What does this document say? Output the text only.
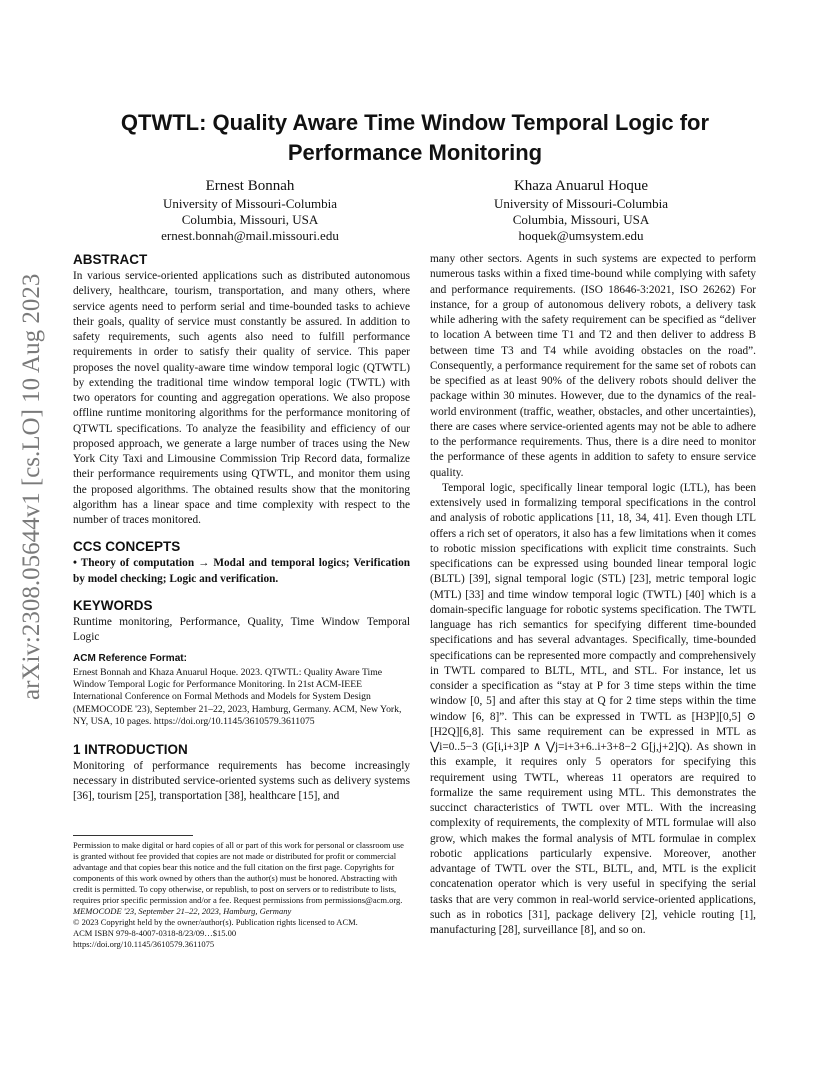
QTWTL: Quality Aware Time Window Temporal Logic for Performance Monitoring
arXiv:2308.05644v1 [cs.LO] 10 Aug 2023
Ernest Bonnah
University of Missouri-Columbia
Columbia, Missouri, USA
ernest.bonnah@mail.missouri.edu
Khaza Anuarul Hoque
University of Missouri-Columbia
Columbia, Missouri, USA
hoquek@umsystem.edu
ABSTRACT

In various service-oriented applications such as distributed autonomous delivery, healthcare, tourism, transportation, and many others, where service agents need to perform serial and time-bounded tasks to achieve their goals, quality of service must constantly be assured. In addition to safety requirements, such agents also need to fulfill performance requirements in order to satisfy their quality of service. This paper proposes the novel quality-aware time window temporal logic (QTWTL) by extending the traditional time window temporal logic (TWTL) with two operators for counting and aggregation operations. We also propose offline runtime monitoring algorithms for the performance monitoring of QTWTL specifications. To analyze the feasibility and efficiency of our proposed approach, we generate a large number of traces using the New York City Taxi and Limousine Commission Trip Record data, formalize their performance requirements using QTWTL, and monitor them using the proposed algorithms. The obtained results show that the monitoring algorithm has a linear space and time complexity with respect to the number of traces monitored.

CCS CONCEPTS

• Theory of computation → Modal and temporal logics; Verification by model checking; Logic and verification.

KEYWORDS

Runtime monitoring, Performance, Quality, Time Window Temporal Logic

ACM Reference Format:

Ernest Bonnah and Khaza Anuarul Hoque. 2023. QTWTL: Quality Aware Time Window Temporal Logic for Performance Monitoring. In 21st ACM-IEEE International Conference on Formal Methods and Models for System Design (MEMOCODE '23), September 21–22, 2023, Hamburg, Germany. ACM, New York, NY, USA, 10 pages. https://doi.org/10.1145/3610579.3611075

1 INTRODUCTION

Monitoring of performance requirements has become increasingly necessary in distributed service-oriented systems such as delivery systems [36], tourism [25], transportation [38], healthcare [15], and

Permission to make digital or hard copies of all or part of this work for personal or classroom use is granted without fee provided that copies are not made or distributed for profit or commercial advantage and that copies bear this notice and the full citation on the first page. Copyrights for components of this work owned by others than the author(s) must be honored. Abstracting with credit is permitted. To copy otherwise, or republish, to post on servers or to redistribute to lists, requires prior specific permission and/or a fee. Request permissions from permissions@acm.org.

MEMOCODE '23, September 21–22, 2023, Hamburg, Germany

© 2023 Copyright held by the owner/author(s). Publication rights licensed to ACM.

ACM ISBN 979-8-4007-0318-8/23/09…$15.00

https://doi.org/10.1145/3610579.3611075

many other sectors. Agents in such systems are expected to perform numerous tasks within a fixed time-bound while complying with safety and performance requirements. (ISO 18646-3:2021, ISO 26262) For instance, for a group of autonomous delivery robots, a delivery task while adhering with the safety requirement can be specified as “deliver to location A between time T1 and T2 and then deliver to address B between time T3 and T4 while avoiding obstacles on the road”. Consequently, a performance requirement for the same set of robots can be specified as at least 90% of the delivery robots should deliver the package within 30 minutes. However, due to the dynamics of the real-world environment (traffic, weather, obstacles, and other uncertainties), there are cases where service-oriented agents may not be able to adhere to the performance requirements. Thus, there is a dire need to monitor the performance of these agents in addition to safety to ensure service quality.

Temporal logic, specifically linear temporal logic (LTL), has been extensively used in formalizing temporal specifications in the control and analysis of robotic applications [11, 18, 34, 41]. Even though LTL offers a rich set of operators, it also has a few limitations when it comes to robotic mission specifications with explicit time constraints. Such specifications can be expressed using bounded linear temporal logic (BLTL) [39], signal temporal logic (STL) [23], metric temporal logic (MTL) [33] and time window temporal logic (TWTL) [40] which is a domain-specific language for robotic systems specification. The TWTL language has rich semantics for specifying different time-bounded specifications and has several advantages. Specifically, time-bounded specifications can be represented more compactly and comprehensively in TWTL compared to BLTL, MTL, and STL. For instance, let us consider a specification as “stay at P for 3 time steps within the time window [0, 5] and after this stay at Q for 2 time steps within the time window [6, 8]”. This can be expressed in TWTL as [H3P][0,5] ⊙ [H2Q][6,8]. This same requirement can be expressed in MTL as ⋁i=0..5−3 (G[i,i+3]P ∧ ⋁j=i+3+6..i+3+8−2 G[j,j+2]Q). As shown in this example, it requires only 5 operators for specifying this requirement using TWTL, whereas 11 operators are required to formalize the same requirement using MTL. This demonstrates the succinct characteristics of TWTL over MTL. With the increasing complexity of requirements, the complexity of MTL formulae will also grow, which makes the formal analysis of MTL formulae in complex robotic applications particularly expensive. Moreover, another advantage of TWTL over the STL, BLTL, and, MTL is the explicit concatenation operator which is very useful in specifying the serial tasks that are very common in real-world service-oriented applications, such as in robotics [31], package delivery [2], vehicle routing [1], manufacturing [28], surveillance [8], and so on.
